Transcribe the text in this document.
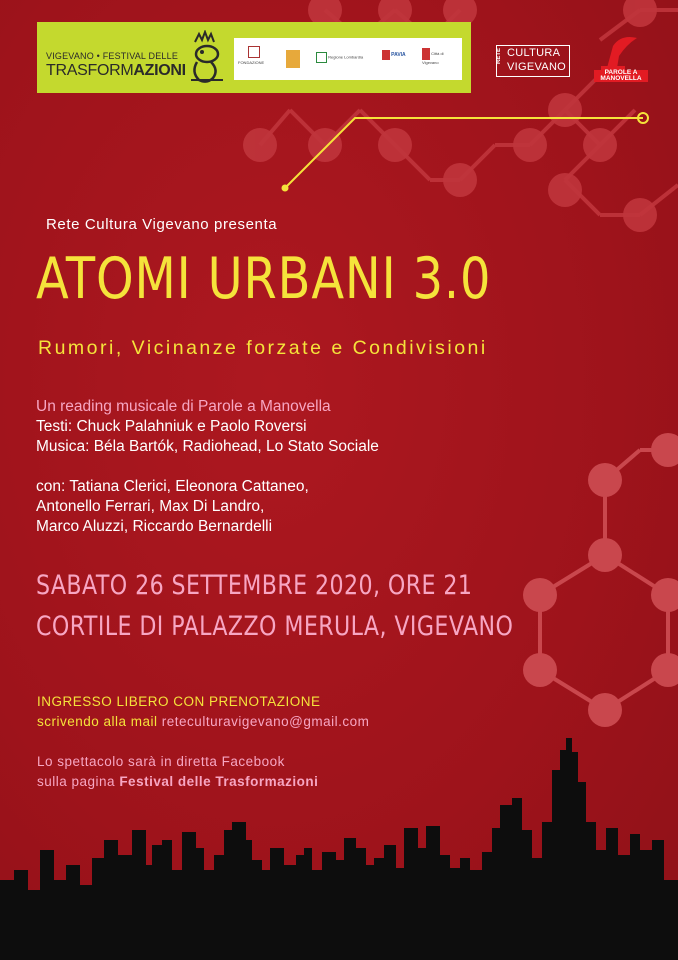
VIGEVANO • FESTIVAL DELLE
TRASFORMAZIONI	FONDAZIONE
Regione Lombardia	PAVIA	Città di Vigevano	RETE CULTURA
VIGEVANO	PAROLE A
MANOVELLA
Rete Cultura Vigevano presenta
ATOMI URBANI 3.0
Rumori, Vicinanze forzate e Condivisioni
Un reading musicale di Parole a Manovella
Testi: Chuck Palahniuk e Paolo Roversi
Musica: Béla Bartók, Radiohead, Lo Stato Sociale
con: Tatiana Clerici, Eleonora Cattaneo,
Antonello Ferrari, Max Di Landro,
Marco Aluzzi, Riccardo Bernardelli
SABATO 26 SETTEMBRE 2020, ORE 21
CORTILE DI PALAZZO MERULA, VIGEVANO
INGRESSO LIBERO CON PRENOTAZIONE
scrivendo alla mail reteculturavigevano@gmail.com
Lo spettacolo sarà in diretta Facebook
sulla pagina Festival delle Trasformazioni
